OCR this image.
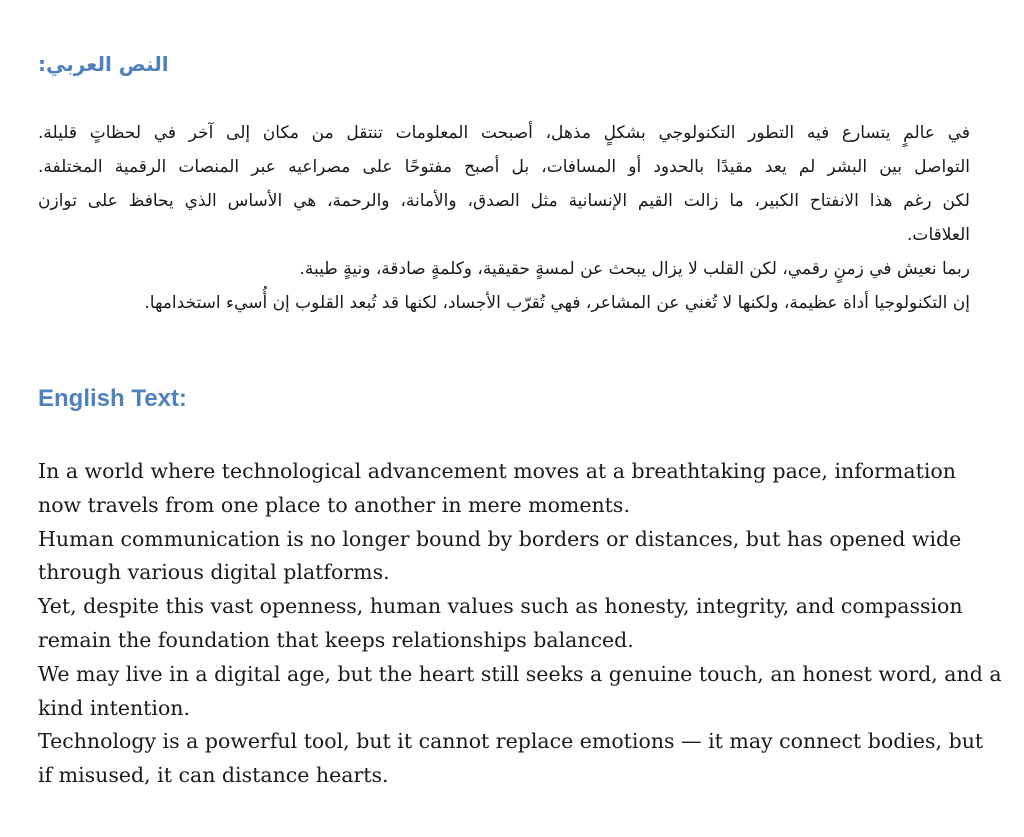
النص العربي:
في عالمٍ يتسارع فيه التطور التكنولوجي بشكلٍ مذهل، أصبحت المعلومات تنتقل من مكان إلى آخر في لحظاتٍ قليلة.
التواصل بين البشر لم يعد مقيدًا بالحدود أو المسافات، بل أصبح مفتوحًا على مصراعيه عبر المنصات الرقمية المختلفة.
لكن رغم هذا الانفتاح الكبير، ما زالت القيم الإنسانية مثل الصدق، والأمانة، والرحمة، هي الأساس الذي يحافظ على توازن
العلاقات.
ربما نعيش في زمنٍ رقمي، لكن القلب لا يزال يبحث عن لمسةٍ حقيقية، وكلمةٍ صادقة، ونيةٍ طيبة.
إن التكنولوجيا أداة عظيمة، ولكنها لا تُغني عن المشاعر، فهي تُقرّب الأجساد، لكنها قد تُبعد القلوب إن أُسيء استخدامها.
English Text:
In a world where technological advancement moves at a breathtaking pace, information
now travels from one place to another in mere moments.
Human communication is no longer bound by borders or distances, but has opened wide
through various digital platforms.
Yet, despite this vast openness, human values such as honesty, integrity, and compassion
remain the foundation that keeps relationships balanced.
We may live in a digital age, but the heart still seeks a genuine touch, an honest word, and a
kind intention.
Technology is a powerful tool, but it cannot replace emotions — it may connect bodies, but
if misused, it can distance hearts.
